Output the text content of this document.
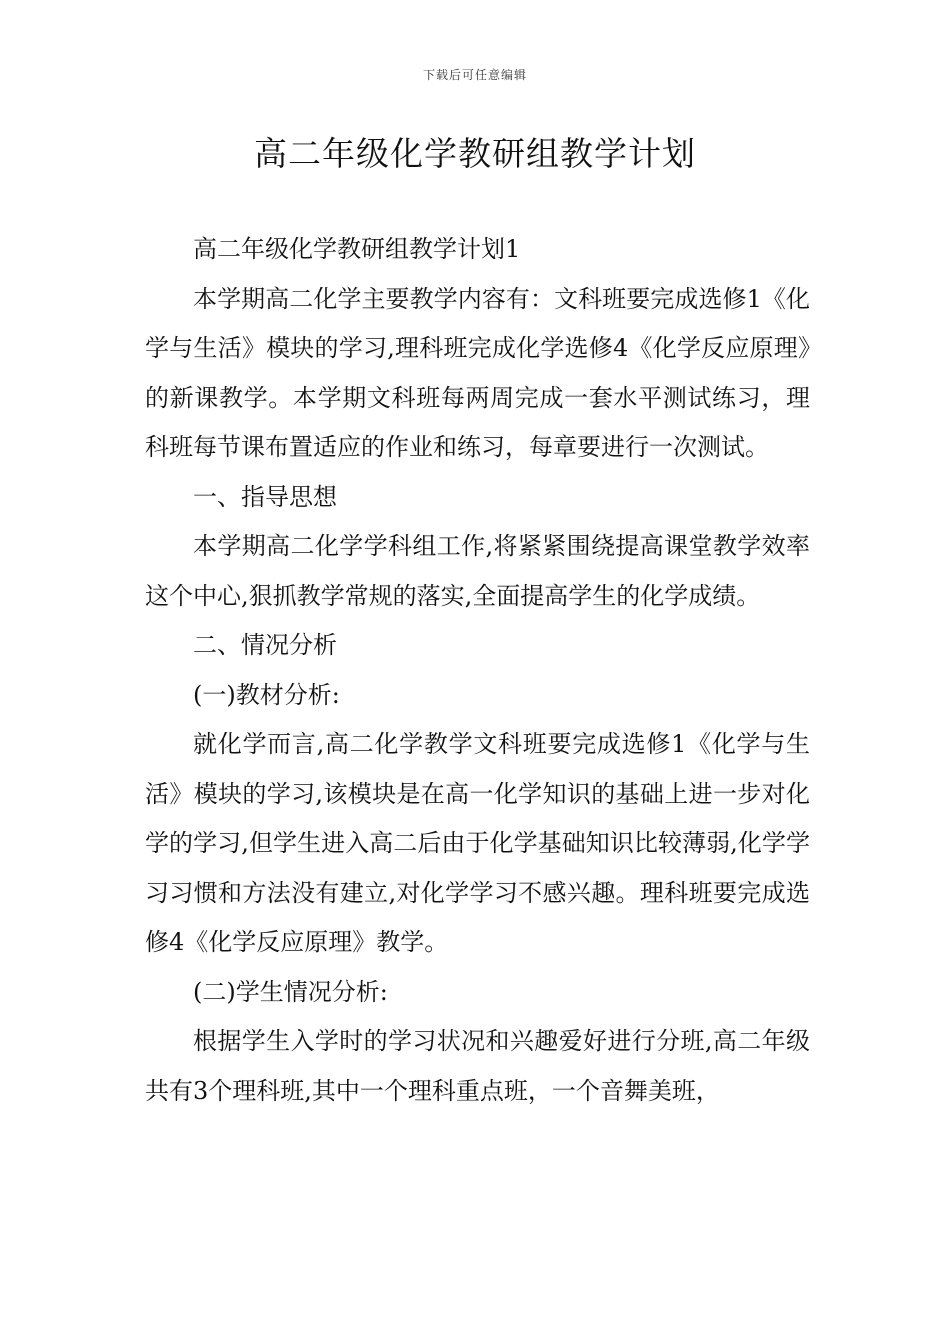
下载后可任意编辑
高二年级化学教研组教学计划

高二年级化学教研组教学计划1

本学期高二化学主要教学内容有：文科班要完成选修1《化学与生活》模块的学习,理科班完成化学选修4《化学反应原理》的新课教学。本学期文科班每两周完成一套水平测试练习，理科班每节课布置适应的作业和练习，每章要进行一次测试。

一、指导思想

本学期高二化学学科组工作,将紧紧围绕提高课堂教学效率这个中心,狠抓教学常规的落实,全面提高学生的化学成绩。

二、情况分析

(一)教材分析:

就化学而言,高二化学教学文科班要完成选修1《化学与生活》模块的学习,该模块是在高一化学知识的基础上进一步对化学的学习,但学生进入高二后由于化学基础知识比较薄弱,化学学习习惯和方法没有建立,对化学学习不感兴趣。理科班要完成选修4《化学反应原理》教学。

(二)学生情况分析:

根据学生入学时的学习状况和兴趣爱好进行分班,高二年级共有3个理科班,其中一个理科重点班，一个音舞美班，
